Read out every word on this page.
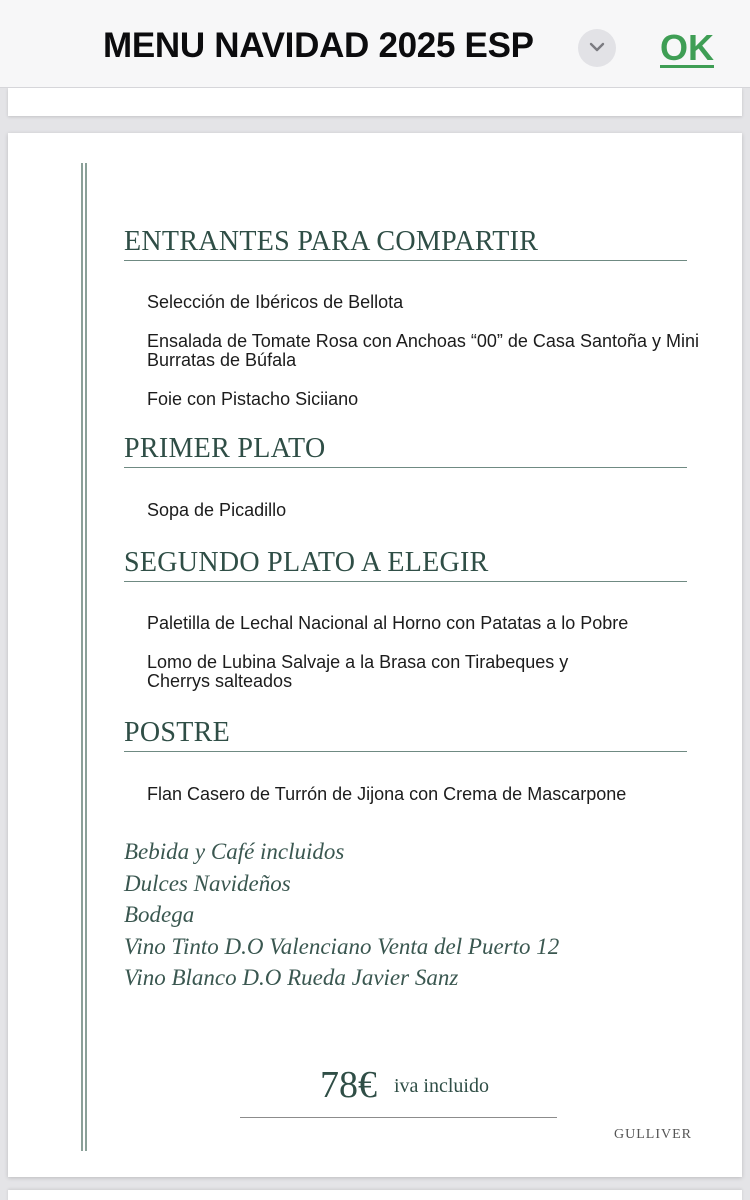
MENU NAVIDAD 2025 ESP	OK
ENTRANTES PARA COMPARTIR
Selección de Ibéricos de Bellota
Ensalada de Tomate Rosa con Anchoas “00” de Casa Santoña y Mini Burratas de Búfala
Foie con Pistacho Siciiano
PRIMER PLATO
Sopa de Picadillo
SEGUNDO PLATO A ELEGIR
Paletilla de Lechal Nacional al Horno con Patatas a lo Pobre
Lomo de Lubina Salvaje a la Brasa con Tirabeques y Cherrys salteados
POSTRE
Flan Casero de Turrón de Jijona con Crema de Mascarpone
Bebida y Café incluidos
Dulces Navideños
Bodega
Vino Tinto D.O Valenciano Venta del Puerto 12
Vino Blanco D.O Rueda Javier Sanz
78€ iva incluido
GULLIVER
